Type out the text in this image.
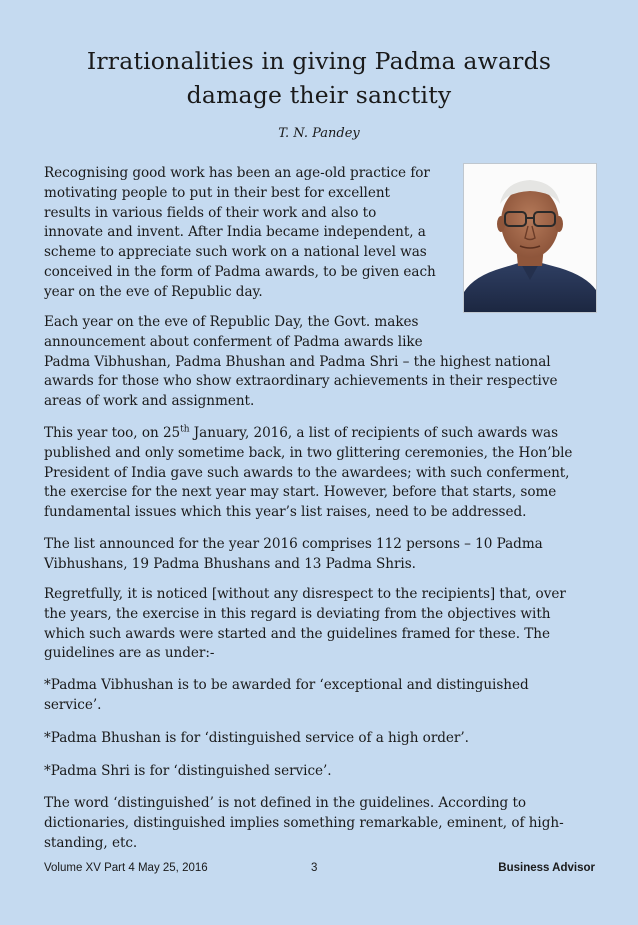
Irrationalities in giving Padma awards
damage their sanctity
T. N. Pandey

Recognising good work has been an age-old practice for
motivating people to put in their best for excellent
results in various fields of their work and also to
innovate and invent. After India became independent, a
scheme to appreciate such work on a national level was
conceived in the form of Padma awards, to be given each
year on the eve of Republic day.

Each year on the eve of Republic Day, the Govt. makes
announcement about conferment of Padma awards like
Padma Vibhushan, Padma Bhushan and Padma Shri – the highest national
awards for those who show extraordinary achievements in their respective
areas of work and assignment.

This year too, on 25th January, 2016, a list of recipients of such awards was
published and only sometime back, in two glittering ceremonies, the Hon’ble
President of India gave such awards to the awardees; with such conferment,
the exercise for the next year may start. However, before that starts, some
fundamental issues which this year’s list raises, need to be addressed.

The list announced for the year 2016 comprises 112 persons – 10 Padma
Vibhushans, 19 Padma Bhushans and 13 Padma Shris.

Regretfully, it is noticed [without any disrespect to the recipients] that, over
the years, the exercise in this regard is deviating from the objectives with
which such awards were started and the guidelines framed for these. The
guidelines are as under:-

*Padma Vibhushan is to be awarded for ‘exceptional and distinguished
service’.

*Padma Bhushan is for ‘distinguished service of a high order’.

*Padma Shri is for ‘distinguished service’.

The word ‘distinguished’ is not defined in the guidelines. According to
dictionaries, distinguished implies something remarkable, eminent, of high-
standing, etc.

Volume XV Part 4 May 25, 2016	3	Business Advisor
